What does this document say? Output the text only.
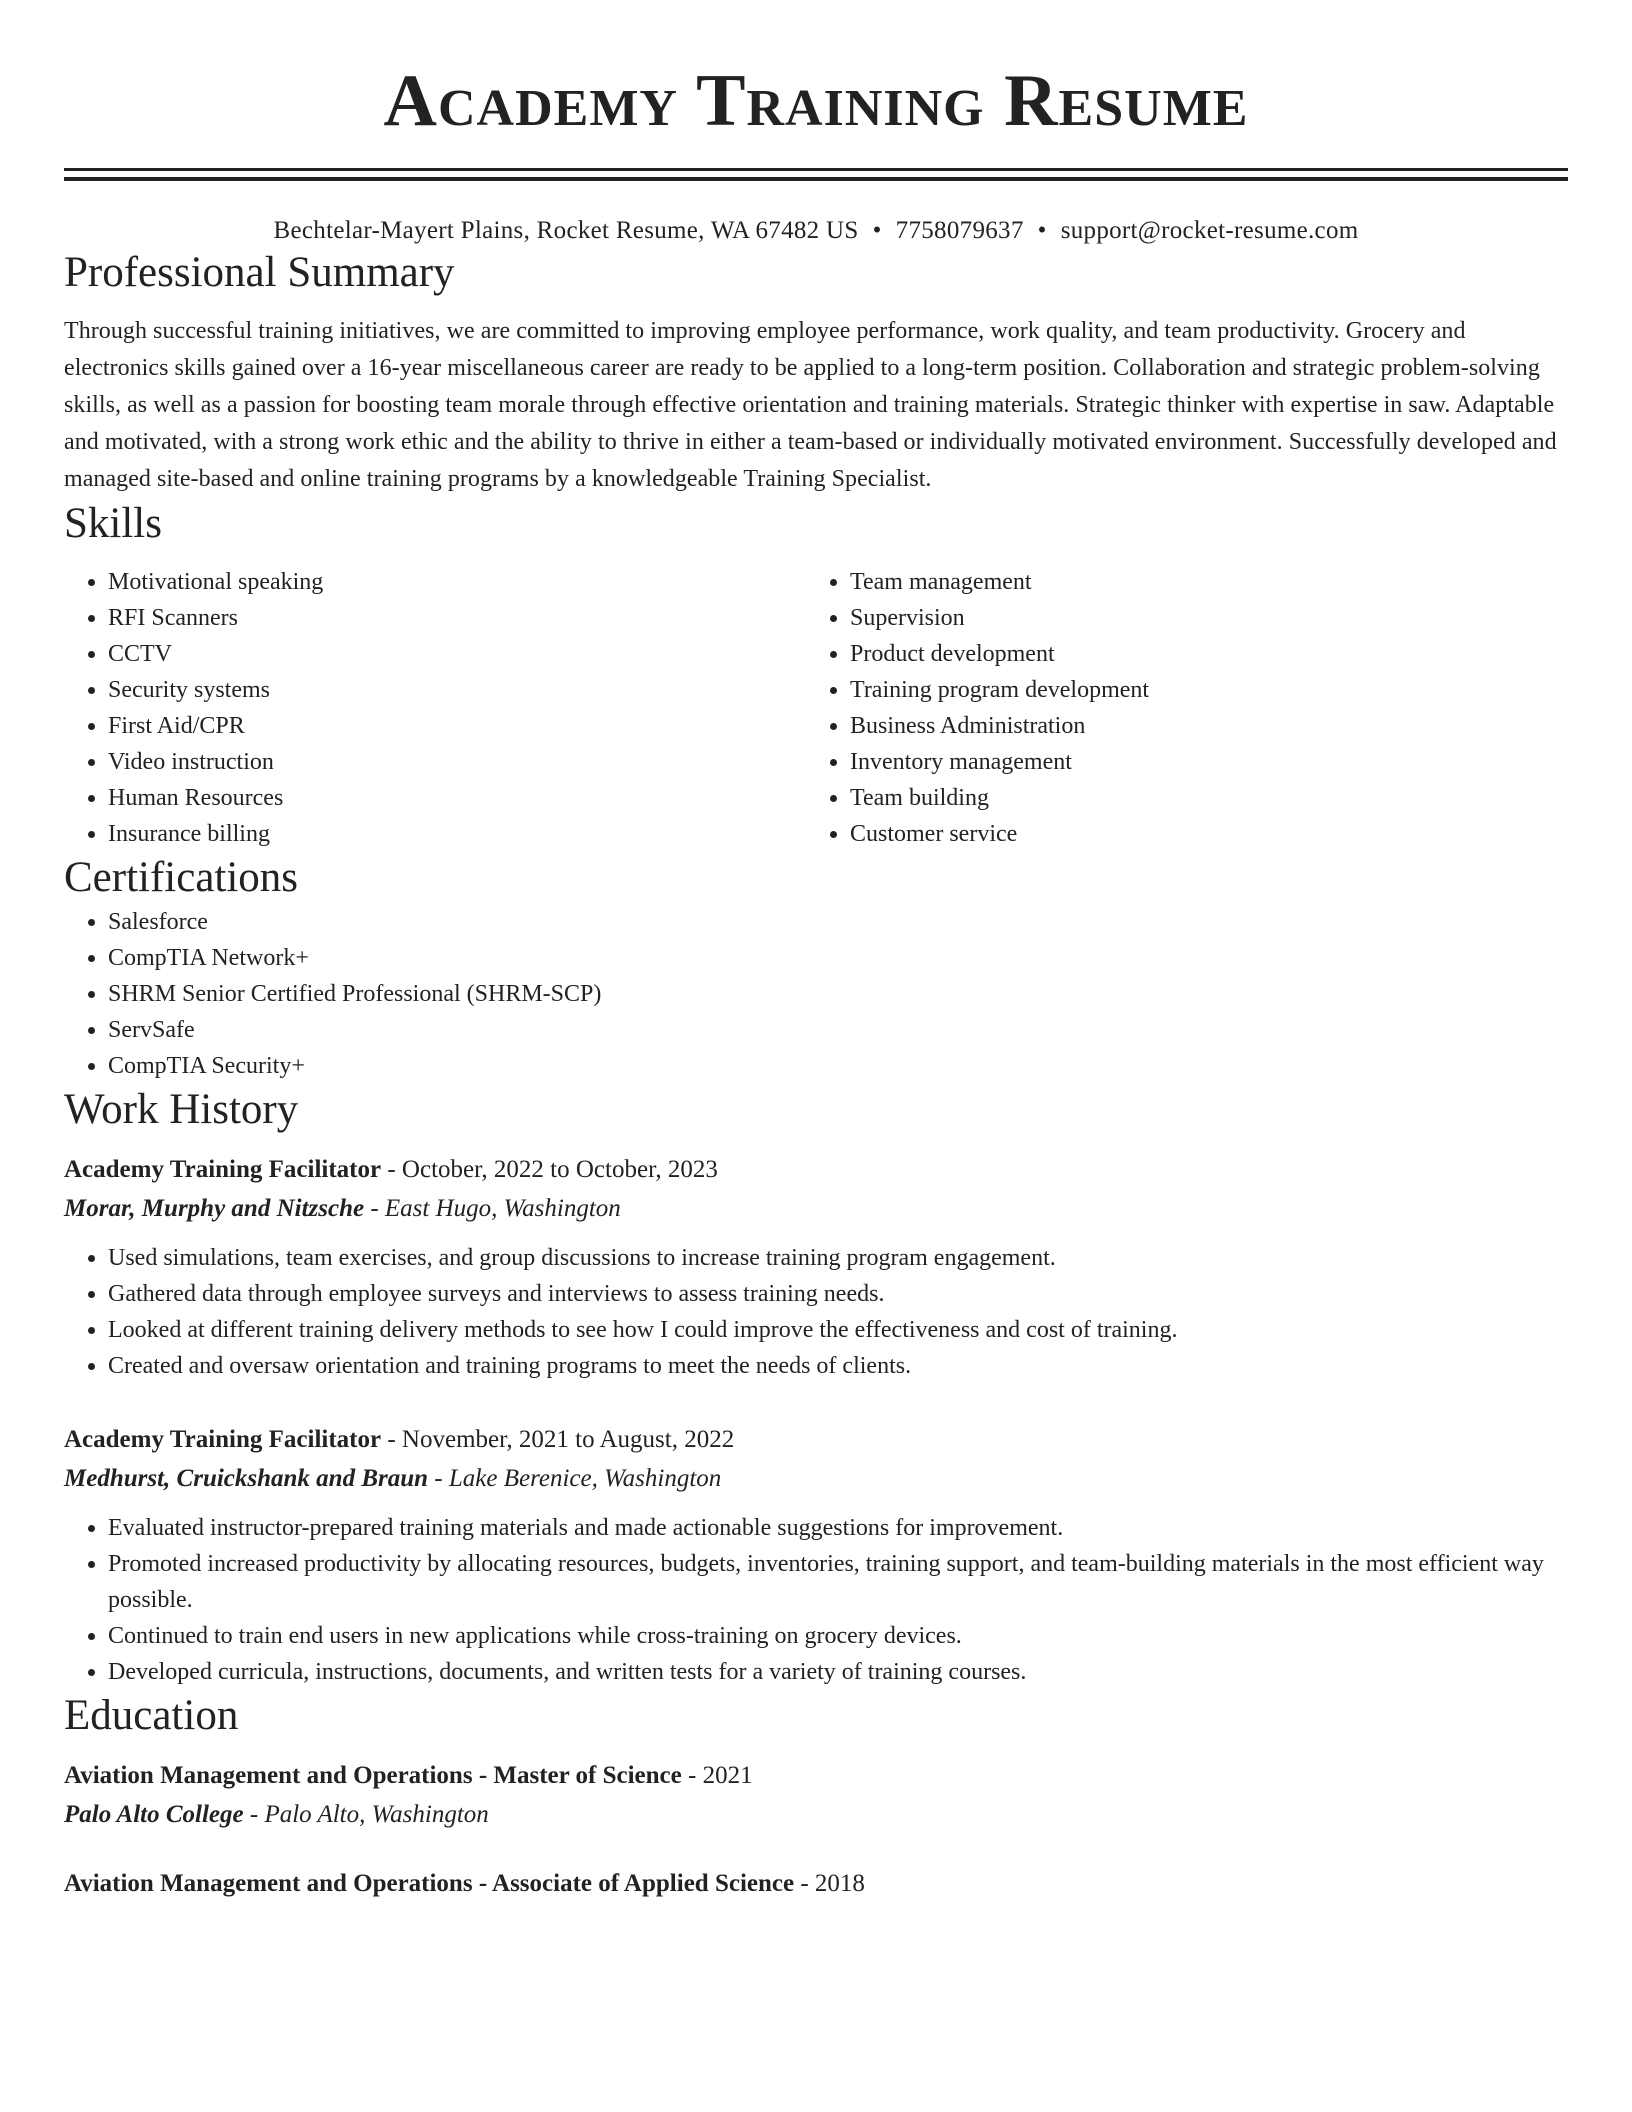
Academy Training Resume
Bechtelar-Mayert Plains, Rocket Resume, WA 67482 US • 7758079637 • support@rocket-resume.com
Professional Summary
Through successful training initiatives, we are committed to improving employee performance, work quality, and team productivity. Grocery and electronics skills gained over a 16-year miscellaneous career are ready to be applied to a long-term position. Collaboration and strategic problem-solving skills, as well as a passion for boosting team morale through effective orientation and training materials. Strategic thinker with expertise in saw. Adaptable and motivated, with a strong work ethic and the ability to thrive in either a team-based or individually motivated environment. Successfully developed and managed site-based and online training programs by a knowledgeable Training Specialist.
Skills
• Motivational speaking
• RFI Scanners
• CCTV
• Security systems
• First Aid/CPR
• Video instruction
• Human Resources
• Insurance billing
• Team management
• Supervision
• Product development
• Training program development
• Business Administration
• Inventory management
• Team building
• Customer service
Certifications
• Salesforce
• CompTIA Network+
• SHRM Senior Certified Professional (SHRM-SCP)
• ServSafe
• CompTIA Security+
Work History
Academy Training Facilitator - October, 2022 to October, 2023
Morar, Murphy and Nitzsche - East Hugo, Washington
• Used simulations, team exercises, and group discussions to increase training program engagement.
• Gathered data through employee surveys and interviews to assess training needs.
• Looked at different training delivery methods to see how I could improve the effectiveness and cost of training.
• Created and oversaw orientation and training programs to meet the needs of clients.
Academy Training Facilitator - November, 2021 to August, 2022
Medhurst, Cruickshank and Braun - Lake Berenice, Washington
• Evaluated instructor-prepared training materials and made actionable suggestions for improvement.
• Promoted increased productivity by allocating resources, budgets, inventories, training support, and team-building materials in the most efficient way possible.
• Continued to train end users in new applications while cross-training on grocery devices.
• Developed curricula, instructions, documents, and written tests for a variety of training courses.
Education
Aviation Management and Operations - Master of Science - 2021
Palo Alto College - Palo Alto, Washington
Aviation Management and Operations - Associate of Applied Science - 2018
